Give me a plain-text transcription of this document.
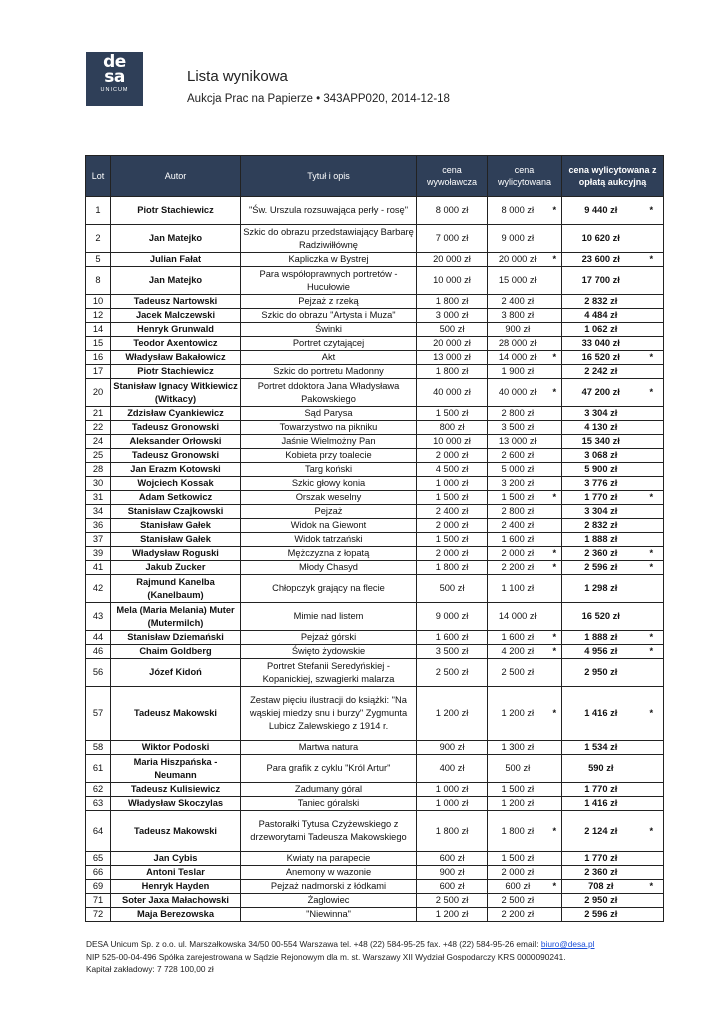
de
sa
UNICUM
Lista wynikowa
Aukcja Prac na Papierze • 343APP020, 2014-12-18
Lot	Autor	Tytuł i opis	cena wywoławcza	cena wylicytowana		cena wylicytowana z opłatą aukcyjną	
1	Piotr Stachiewicz	"Św. Urszula rozsuwająca perły - rosę"	8 000 zł	8 000 zł	*	9 440 zł	*
2	Jan Matejko	Szkic do obrazu przedstawiający Barbarę Radziwiłłównę	7 000 zł	9 000 zł		10 620 zł	
5	Julian Fałat	Kapliczka w Bystrej	20 000 zł	20 000 zł	*	23 600 zł	*
8	Jan Matejko	Para współoprawnych portretów - Hucułowie	10 000 zł	15 000 zł		17 700 zł	
10	Tadeusz Nartowski	Pejzaż z rzeką	1 800 zł	2 400 zł		2 832 zł	
12	Jacek Malczewski	Szkic do obrazu "Artysta i Muza"	3 000 zł	3 800 zł		4 484 zł	
14	Henryk Grunwald	Świnki	500 zł	900 zł		1 062 zł	
15	Teodor Axentowicz	Portret czytającej	20 000 zł	28 000 zł		33 040 zł	
16	Władysław Bakałowicz	Akt	13 000 zł	14 000 zł	*	16 520 zł	*
17	Piotr Stachiewicz	Szkic do portretu Madonny	1 800 zł	1 900 zł		2 242 zł	
20	Stanisław Ignacy Witkiewicz (Witkacy)	Portret ddoktora Jana Władysława Pakowskiego	40 000 zł	40 000 zł	*	47 200 zł	*
21	Zdzisław Cyankiewicz	Sąd Parysa	1 500 zł	2 800 zł		3 304 zł	
22	Tadeusz Gronowski	Towarzystwo na pikniku	800 zł	3 500 zł		4 130 zł	
24	Aleksander Orłowski	Jaśnie Wielmożny Pan	10 000 zł	13 000 zł		15 340 zł	
25	Tadeusz Gronowski	Kobieta przy toalecie	2 000 zł	2 600 zł		3 068 zł	
28	Jan Erazm Kotowski	Targ koński	4 500 zł	5 000 zł		5 900 zł	
30	Wojciech Kossak	Szkic głowy konia	1 000 zł	3 200 zł		3 776 zł	
31	Adam Setkowicz	Orszak weselny	1 500 zł	1 500 zł	*	1 770 zł	*
34	Stanisław Czajkowski	Pejzaż	2 400 zł	2 800 zł		3 304 zł	
36	Stanisław Gałek	Widok na Giewont	2 000 zł	2 400 zł		2 832 zł	
37	Stanisław Gałek	Widok tatrzański	1 500 zł	1 600 zł		1 888 zł	
39	Władysław Roguski	Mężczyzna z łopatą	2 000 zł	2 000 zł	*	2 360 zł	*
41	Jakub Zucker	Młody Chasyd	1 800 zł	2 200 zł	*	2 596 zł	*
42	Rajmund Kanelba (Kanelbaum)	Chłopczyk grający na flecie	500 zł	1 100 zł		1 298 zł	
43	Mela (Maria Melania) Muter (Mutermilch)	Mimie nad listem	9 000 zł	14 000 zł		16 520 zł	
44	Stanisław Dziemański	Pejzaż górski	1 600 zł	1 600 zł	*	1 888 zł	*
46	Chaim Goldberg	Święto żydowskie	3 500 zł	4 200 zł	*	4 956 zł	*
56	Józef Kidoń	Portret Stefanii Seredyńskiej - Kopanickiej, szwagierki malarza	2 500 zł	2 500 zł		2 950 zł	
57	Tadeusz Makowski	Zestaw pięciu ilustracji do książki: "Na wąskiej miedzy snu i burzy" Zygmunta Lubicz Zalewskiego z 1914 r.	1 200 zł	1 200 zł	*	1 416 zł	*
58	Wiktor Podoski	Martwa natura	900 zł	1 300 zł		1 534 zł	
61	Maria Hiszpańska - Neumann	Para grafik z cyklu "Król Artur"	400 zł	500 zł		590 zł	
62	Tadeusz Kulisiewicz	Zadumany góral	1 000 zł	1 500 zł		1 770 zł	
63	Władysław Skoczylas	Taniec góralski	1 000 zł	1 200 zł		1 416 zł	
64	Tadeusz Makowski	Pastorałki Tytusa Czyżewskiego z drzeworytami Tadeusza Makowskiego	1 800 zł	1 800 zł	*	2 124 zł	*
65	Jan Cybis	Kwiaty na parapecie	600 zł	1 500 zł		1 770 zł	
66	Antoni Teslar	Anemony w wazonie	900 zł	2 000 zł		2 360 zł	
69	Henryk Hayden	Pejzaż nadmorski z łódkami	600 zł	600 zł	*	708 zł	*
71	Soter Jaxa Małachowski	Żaglowiec	2 500 zł	2 500 zł		2 950 zł	
72	Maja Berezowska	"Niewinna"	1 200 zł	2 200 zł		2 596 zł	
DESA Unicum Sp. z o.o. ul. Marszałkowska 34/50 00-554 Warszawa tel. +48 (22) 584-95-25 fax. +48 (22) 584-95-26 email: biuro@desa.pl
NIP 525-00-04-496 Spółka zarejestrowana w Sądzie Rejonowym dla m. st. Warszawy XII Wydział Gospodarczy KRS 0000090241.
Kapitał zakładowy: 7 728 100,00 zł
